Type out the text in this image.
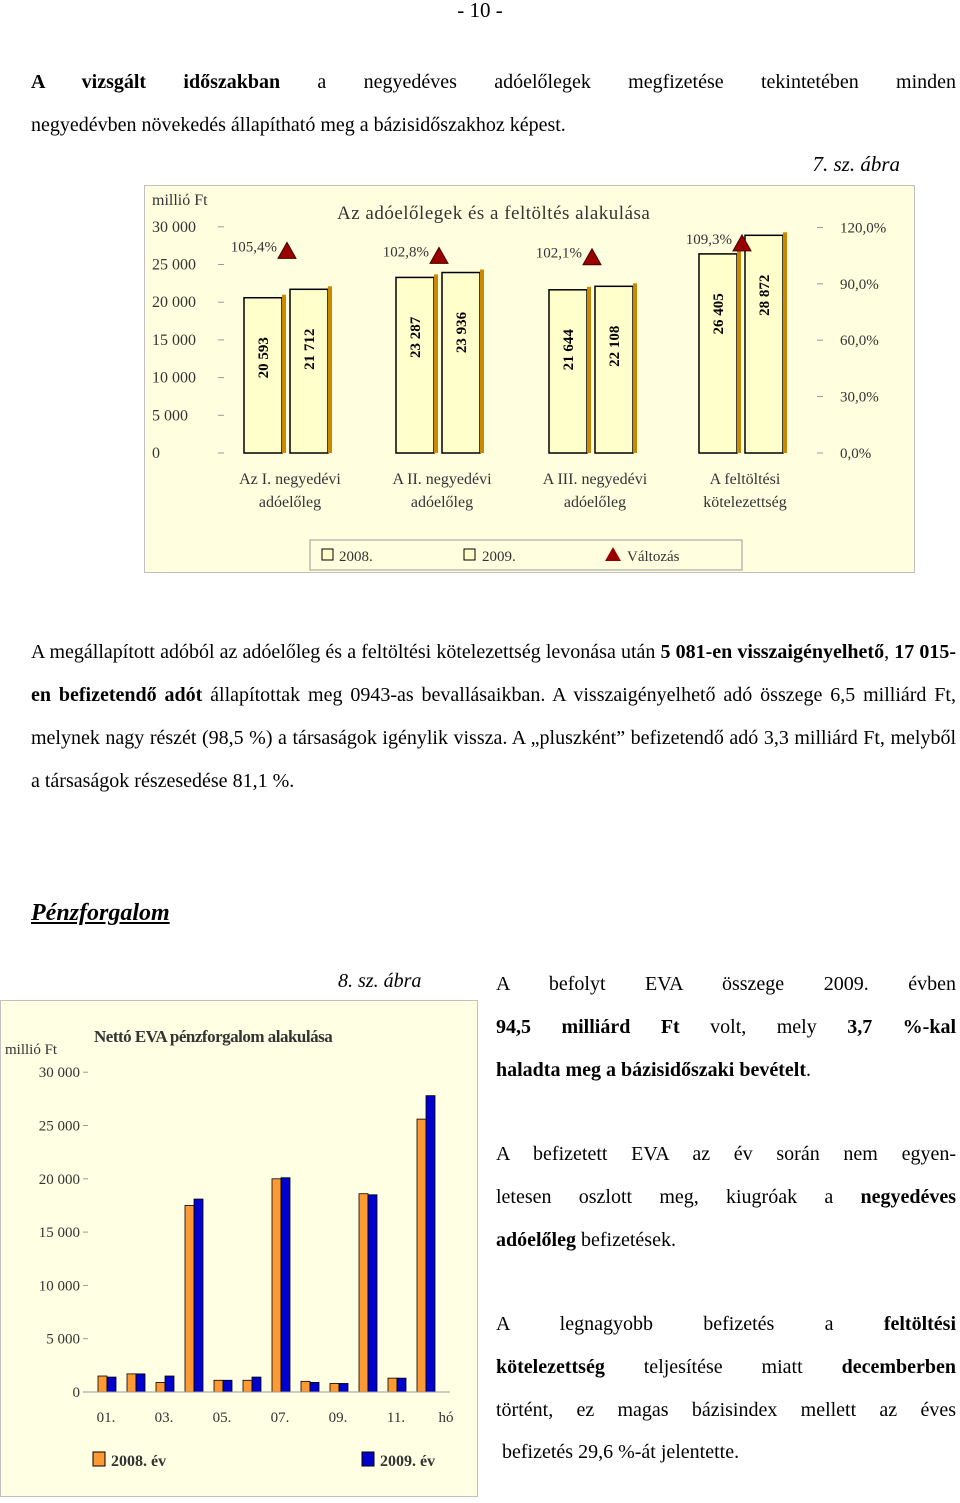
- 10 -
A vizsgált időszakban a negyedéves adóelőlegek megfizetése tekintetében minden
negyedévben növekedés állapítható meg a bázisidőszakhoz képest.
7. sz. ábra
millió Ft
0
5 000
10 000
15 000
20 000
25 000
30 000
0,0%
30,0%
60,0%
90,0%
120,0%
Az adóelőlegek és a feltöltés alakulása
20 593 21 712
105,4%
Az I. negyedévi
adóelőleg
23 287 23 936
102,8%
A II. negyedévi
adóelőleg
21 644 22 108
102,1%
A III. negyedévi
adóelőleg
26 405 28 872
109,3%
A feltöltési
kötelezettség
2008.	2009.	Változás
A megállapított adóból az adóelőleg és a feltöltési kötelezettség levonása után 5 081-en visszaigényelhető, 17 015-en befizetendő adót állapítottak meg 0943-as bevallásaikban. A visszaigényelhető adó összege 6,5 milliárd Ft, melynek nagy részét (98,5 %) a társaságok igénylik vissza. A „pluszként” befizetendő adó 3,3 milliárd Ft, melyből a társaságok részesedése 81,1 %.
Pénzforgalom
8. sz. ábra
millió Ft
0
5 000
10 000
15 000
20 000
25 000
30 000
Nettó EVA pénzforgalom alakulása
01.	03.	05.	07.	09.	11. hó
2008. év	2009. év
A befolyt EVA összege 2009. évben
94,5 milliárd Ft volt, mely 3,7 %-kal
haladta meg a bázisidőszaki bevételt.
A befizetett EVA az év során nem egyen-
letesen oszlott meg, kiugróak a negyedéves
adóelőleg befizetések.
A legnagyobb befizetés a feltöltési
kötelezettség teljesítése miatt decemberben
történt, ez magas bázisindex mellett az éves
befizetés 29,6 %-át jelentette.
